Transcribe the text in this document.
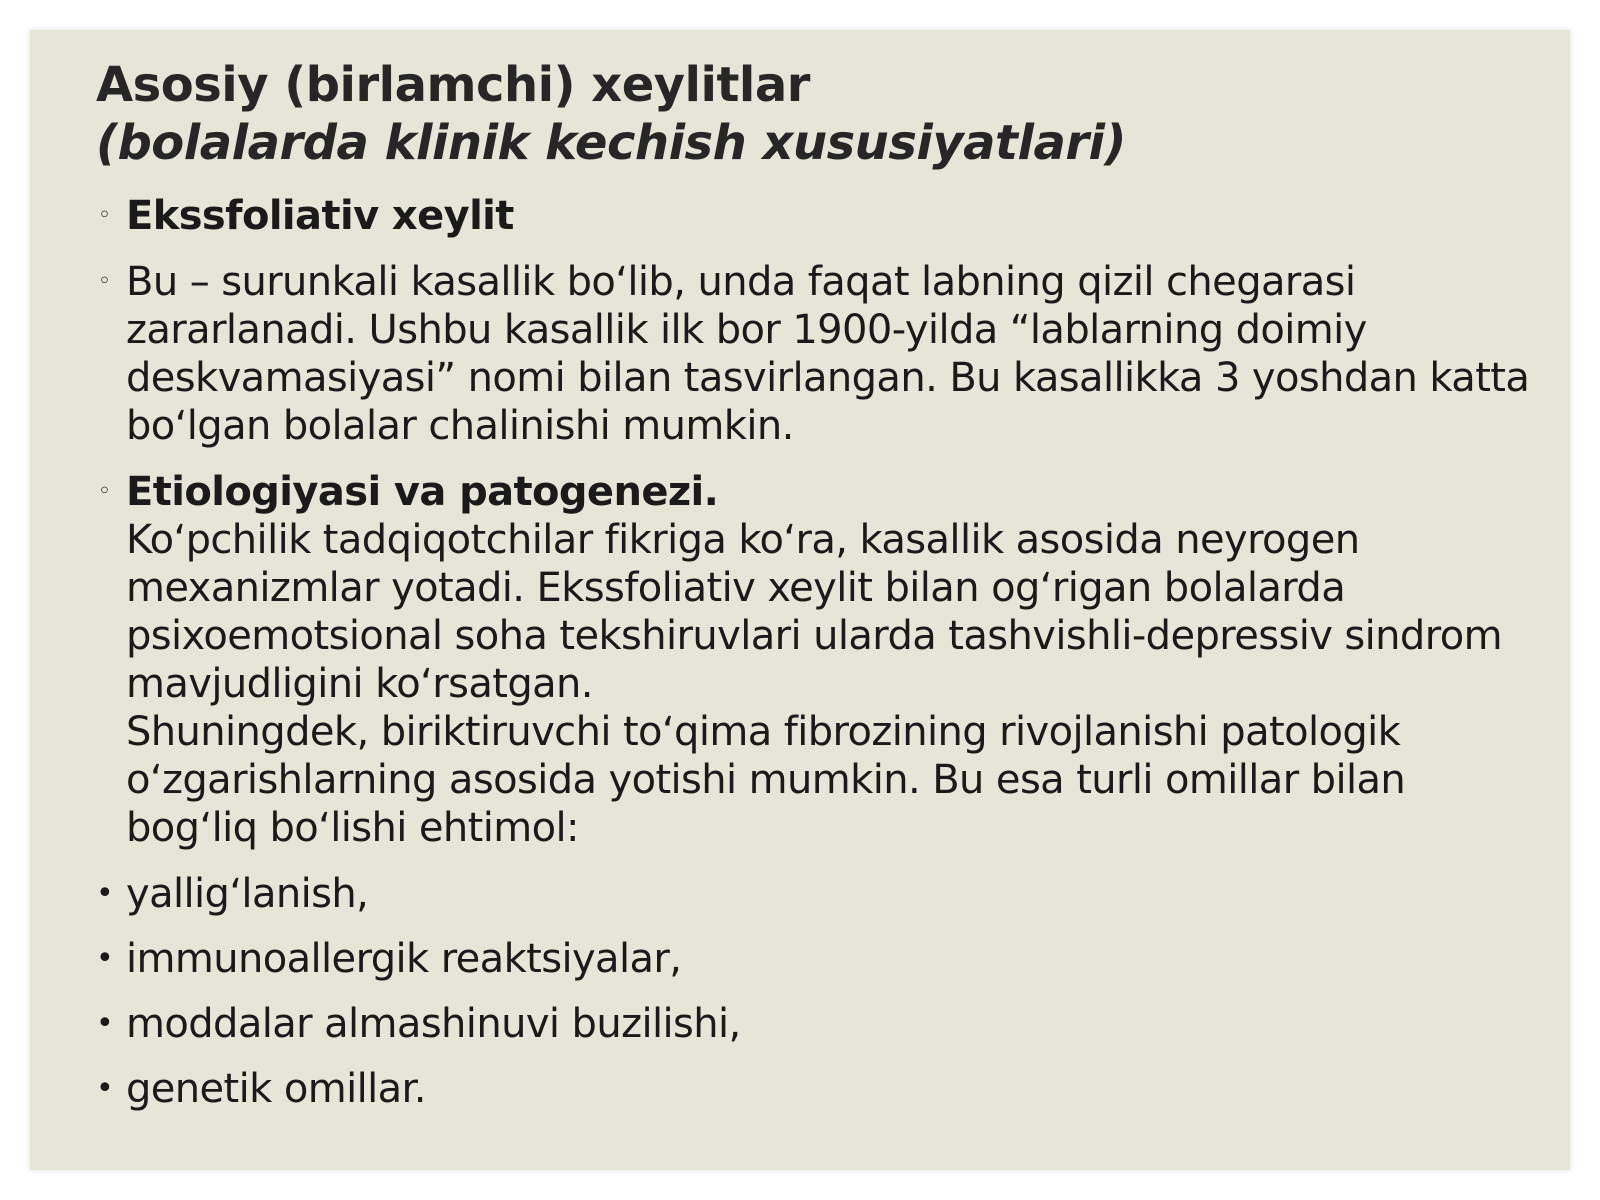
Asosiy (birlamchi) xeylitlar

(bolalarda klinik kechish xususiyatlari)

◦ Ekssfoliativ xeylit
◦ Bu – surunkali kasallik boʻlib, unda faqat labning qizil chegarasi zararlanadi. Ushbu kasallik ilk bor 1900-yilda “lablarning doimiy deskvamasiyasi” nomi bilan tasvirlangan. Bu kasallikka 3 yoshdan katta boʻlgan bolalar chalinishi mumkin.
◦ Etiologiyasi va patogenezi.
Koʻpchilik tadqiqotchilar fikriga koʻra, kasallik asosida neyrogen mexanizmlar yotadi. Ekssfoliativ xeylit bilan ogʻrigan bolalarda psixoemotsional soha tekshiruvlari ularda tashvishli-depressiv sindrom mavjudligini koʻrsatgan.
Shuningdek, biriktiruvchi toʻqima fibrozining rivojlanishi patologik oʻzgarishlarning asosida yotishi mumkin. Bu esa turli omillar bilan bogʻliq boʻlishi ehtimol:
• yalligʻlanish,
• immunoallergik reaktsiyalar,
• moddalar almashinuvi buzilishi,
• genetik omillar.
